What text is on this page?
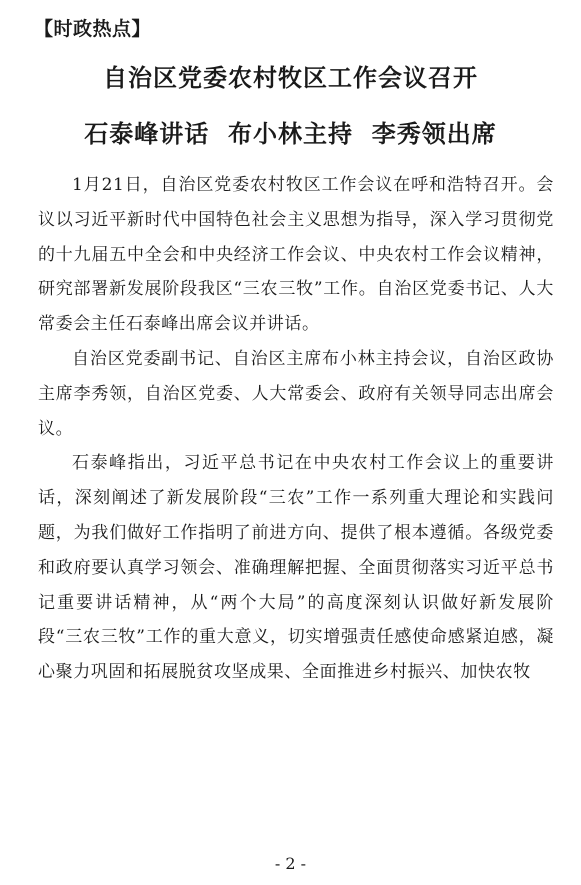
【时政热点】
自治区党委农村牧区工作会议召开
石泰峰讲话  布小林主持  李秀领出席

1月21日，自治区党委农村牧区工作会议在呼和浩特召开。会议以习近平新时代中国特色社会主义思想为指导，深入学习贯彻党的十九届五中全会和中央经济工作会议、中央农村工作会议精神，研究部署新发展阶段我区“三农三牧”工作。自治区党委书记、人大常委会主任石泰峰出席会议并讲话。

自治区党委副书记、自治区主席布小林主持会议，自治区政协主席李秀领，自治区党委、人大常委会、政府有关领导同志出席会议。

石泰峰指出，习近平总书记在中央农村工作会议上的重要讲话，深刻阐述了新发展阶段“三农”工作一系列重大理论和实践问题，为我们做好工作指明了前进方向、提供了根本遵循。各级党委和政府要认真学习领会、准确理解把握、全面贯彻落实习近平总书记重要讲话精神，从“两个大局”的高度深刻认识做好新发展阶段“三农三牧”工作的重大意义，切实增强责任感使命感紧迫感，凝心聚力巩固和拓展脱贫攻坚成果、全面推进乡村振兴、加快农牧

- 2 -
